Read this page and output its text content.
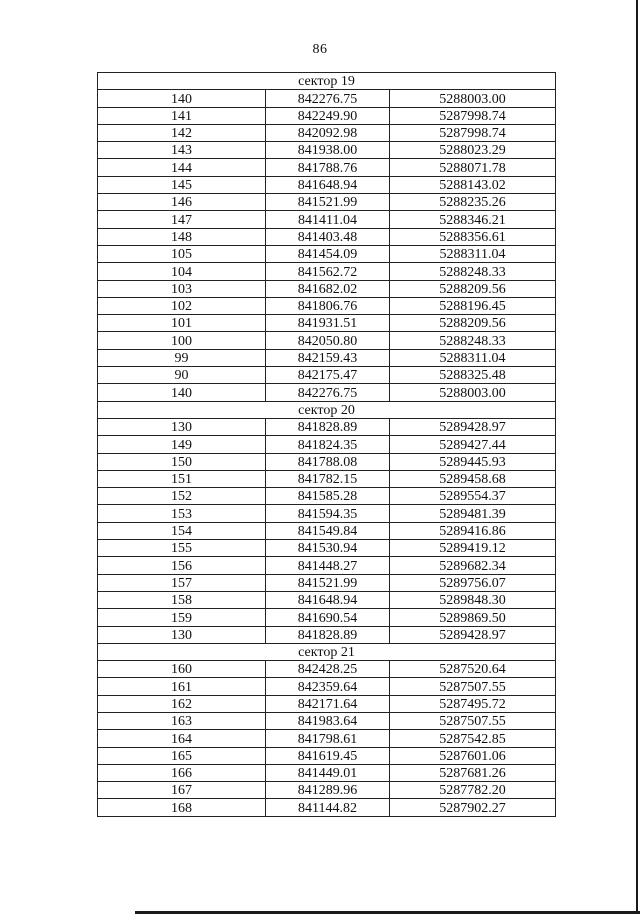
86
сектор 19		
140	842276.75	5288003.00
141	842249.90	5287998.74
142	842092.98	5287998.74
143	841938.00	5288023.29
144	841788.76	5288071.78
145	841648.94	5288143.02
146	841521.99	5288235.26
147	841411.04	5288346.21
148	841403.48	5288356.61
105	841454.09	5288311.04
104	841562.72	5288248.33
103	841682.02	5288209.56
102	841806.76	5288196.45
101	841931.51	5288209.56
100	842050.80	5288248.33
99	842159.43	5288311.04
90	842175.47	5288325.48
140	842276.75	5288003.00
сектор 20		
130	841828.89	5289428.97
149	841824.35	5289427.44
150	841788.08	5289445.93
151	841782.15	5289458.68
152	841585.28	5289554.37
153	841594.35	5289481.39
154	841549.84	5289416.86
155	841530.94	5289419.12
156	841448.27	5289682.34
157	841521.99	5289756.07
158	841648.94	5289848.30
159	841690.54	5289869.50
130	841828.89	5289428.97
сектор 21		
160	842428.25	5287520.64
161	842359.64	5287507.55
162	842171.64	5287495.72
163	841983.64	5287507.55
164	841798.61	5287542.85
165	841619.45	5287601.06
166	841449.01	5287681.26
167	841289.96	5287782.20
168	841144.82	5287902.27
